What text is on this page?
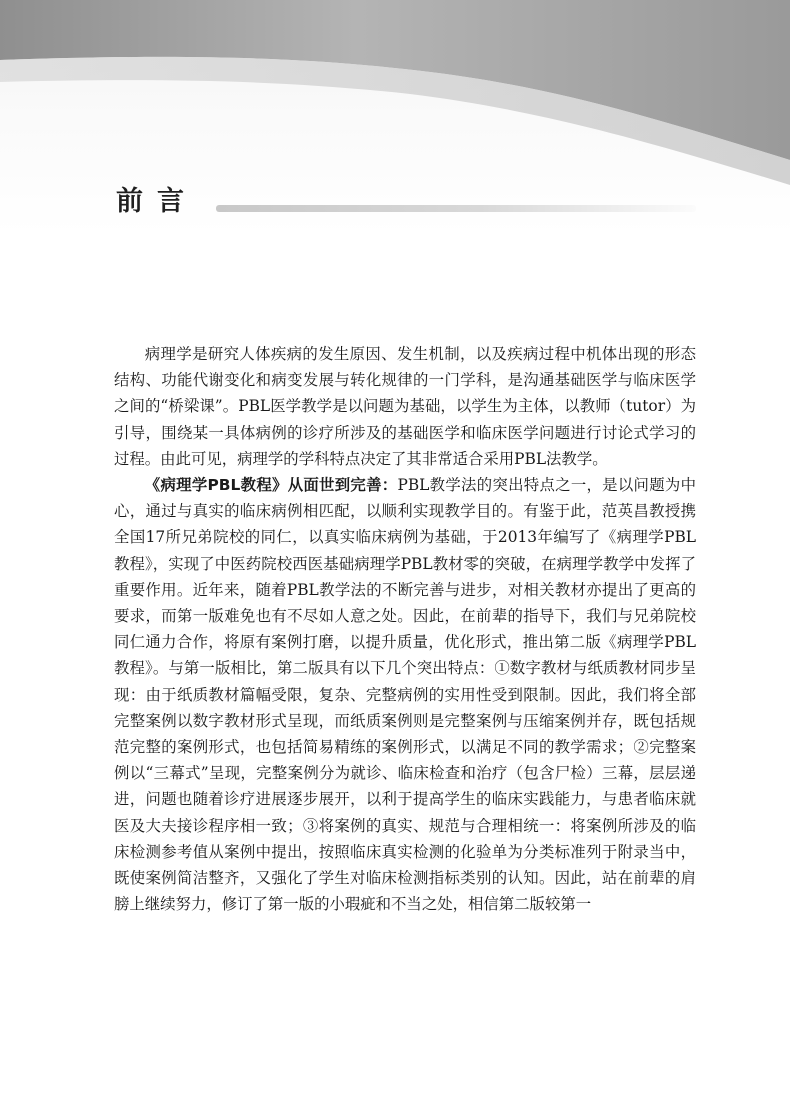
前言

病理学是研究人体疾病的发生原因、发生机制，以及疾病过程中机体出现的形态结构、功能代谢变化和病变发展与转化规律的一门学科，是沟通基础医学与临床医学之间的“桥梁课”。PBL医学教学是以问题为基础，以学生为主体，以教师（tutor）为引导，围绕某一具体病例的诊疗所涉及的基础医学和临床医学问题进行讨论式学习的过程。由此可见，病理学的学科特点决定了其非常适合采用PBL法教学。

《病理学PBL教程》从面世到完善：PBL教学法的突出特点之一，是以问题为中心，通过与真实的临床病例相匹配，以顺利实现教学目的。有鉴于此，范英昌教授携全国17所兄弟院校的同仁，以真实临床病例为基础，于2013年编写了《病理学PBL教程》，实现了中医药院校西医基础病理学PBL教材零的突破，在病理学教学中发挥了重要作用。近年来，随着PBL教学法的不断完善与进步，对相关教材亦提出了更高的要求，而第一版难免也有不尽如人意之处。因此，在前辈的指导下，我们与兄弟院校同仁通力合作，将原有案例打磨，以提升质量，优化形式，推出第二版《病理学PBL教程》。与第一版相比，第二版具有以下几个突出特点：①数字教材与纸质教材同步呈现：由于纸质教材篇幅受限，复杂、完整病例的实用性受到限制。因此，我们将全部完整案例以数字教材形式呈现，而纸质案例则是完整案例与压缩案例并存，既包括规范完整的案例形式，也包括简易精练的案例形式，以满足不同的教学需求；②完整案例以“三幕式”呈现，完整案例分为就诊、临床检查和治疗（包含尸检）三幕，层层递进，问题也随着诊疗进展逐步展开，以利于提高学生的临床实践能力，与患者临床就医及大夫接诊程序相一致；③将案例的真实、规范与合理相统一：将案例所涉及的临床检测参考值从案例中提出，按照临床真实检测的化验单为分类标准列于附录当中，既使案例简洁整齐，又强化了学生对临床检测指标类别的认知。因此，站在前辈的肩膀上继续努力，修订了第一版的小瑕疵和不当之处，相信第二版较第一
